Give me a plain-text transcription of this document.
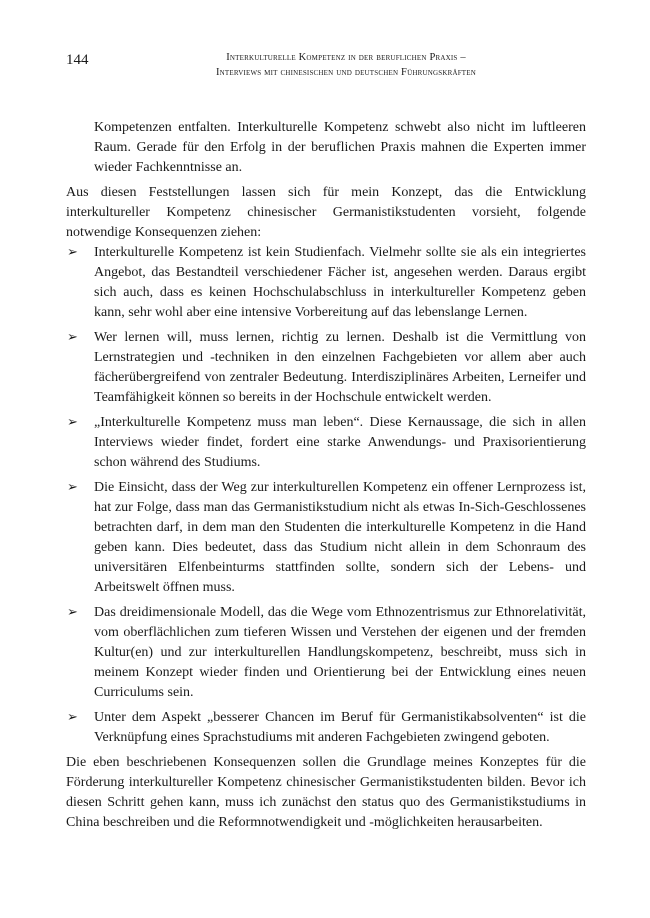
144	Interkulturelle Kompetenz in der beruflichen Praxis –
Interviews mit chinesischen und deutschen Führungskräften

Kompetenzen entfalten. Interkulturelle Kompetenz schwebt also nicht im luftleeren Raum. Gerade für den Erfolg in der beruflichen Praxis mahnen die Experten immer wieder Fachkenntnisse an.

Aus diesen Feststellungen lassen sich für mein Konzept, das die Entwicklung interkultureller Kompetenz chinesischer Germanistikstudenten vorsieht, folgende notwendige Konsequenzen ziehen:

➢ Interkulturelle Kompetenz ist kein Studienfach. Vielmehr sollte sie als ein integriertes Angebot, das Bestandteil verschiedener Fächer ist, angesehen werden. Daraus ergibt sich auch, dass es keinen Hochschulabschluss in interkultureller Kompetenz geben kann, sehr wohl aber eine intensive Vorbereitung auf das lebenslange Lernen.
➢ Wer lernen will, muss lernen, richtig zu lernen. Deshalb ist die Vermittlung von Lernstrategien und -techniken in den einzelnen Fachgebieten vor allem aber auch fächerübergreifend von zentraler Bedeutung. Interdisziplinäres Arbeiten, Lerneifer und Teamfähigkeit können so bereits in der Hochschule entwickelt werden.
➢ „Interkulturelle Kompetenz muss man leben“. Diese Kernaussage, die sich in allen Interviews wieder findet, fordert eine starke Anwendungs- und Praxisorientierung schon während des Studiums.
➢ Die Einsicht, dass der Weg zur interkulturellen Kompetenz ein offener Lernprozess ist, hat zur Folge, dass man das Germanistikstudium nicht als etwas In-Sich-Geschlossenes betrachten darf, in dem man den Studenten die interkulturelle Kompetenz in die Hand geben kann. Dies bedeutet, dass das Studium nicht allein in dem Schonraum des universitären Elfenbeinturms stattfinden sollte, sondern sich der Lebens- und Arbeitswelt öffnen muss.
➢ Das dreidimensionale Modell, das die Wege vom Ethnozentrismus zur Ethnorelativität, vom oberflächlichen zum tieferen Wissen und Verstehen der eigenen und der fremden Kultur(en) und zur interkulturellen Handlungskompetenz, beschreibt, muss sich in meinem Konzept wieder finden und Orientierung bei der Entwicklung eines neuen Curriculums sein.
➢ Unter dem Aspekt „besserer Chancen im Beruf für Germanistikabsolventen“ ist die Verknüpfung eines Sprachstudiums mit anderen Fachgebieten zwingend geboten.

Die eben beschriebenen Konsequenzen sollen die Grundlage meines Konzeptes für die Förderung interkultureller Kompetenz chinesischer Germanistikstudenten bilden. Bevor ich diesen Schritt gehen kann, muss ich zunächst den status quo des Germanistikstudiums in China beschreiben und die Reformnotwendigkeit und -möglichkeiten herausarbeiten.
